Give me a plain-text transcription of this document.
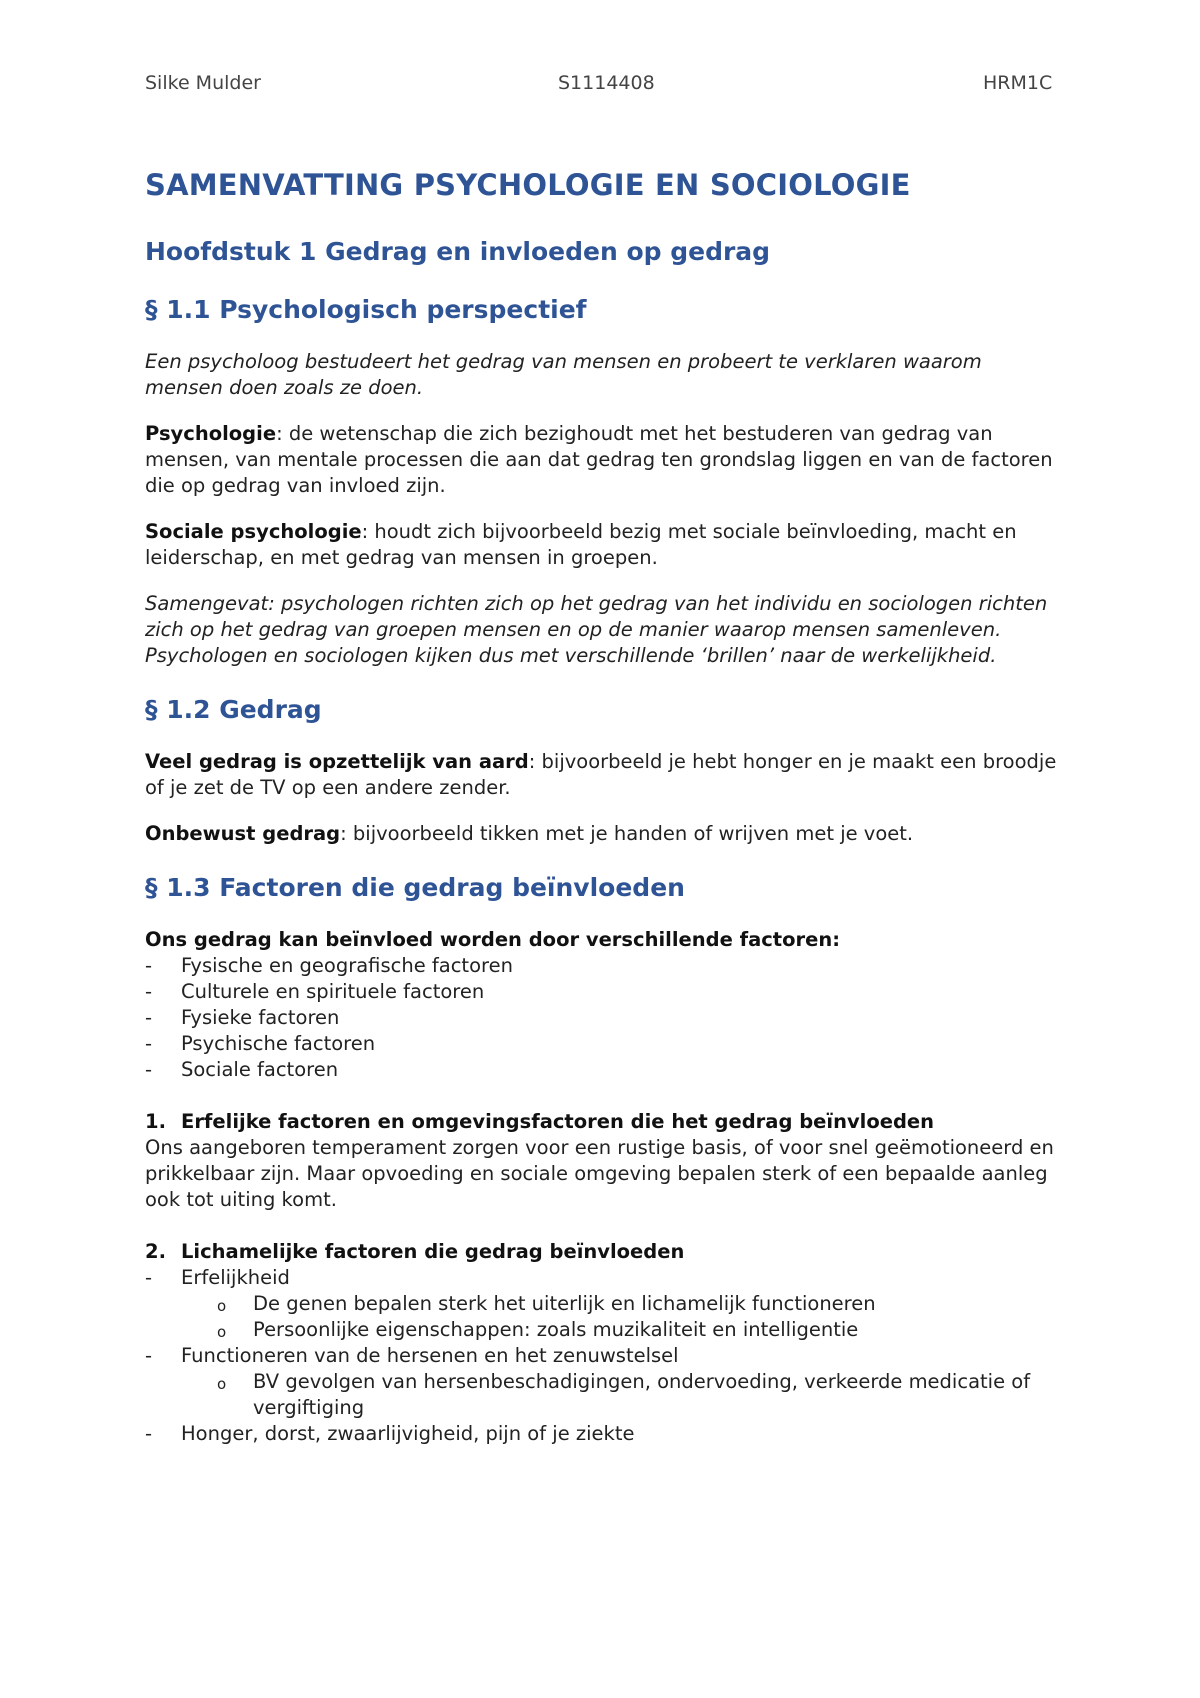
Silke Mulder	S1114408	HRM1C
SAMENVATTING PSYCHOLOGIE EN SOCIOLOGIE
Hoofdstuk 1 Gedrag en invloeden op gedrag
§ 1.1 Psychologisch perspectief

Een psycholoog bestudeert het gedrag van mensen en probeert te verklaren waarom mensen doen zoals ze doen.

Psychologie: de wetenschap die zich bezighoudt met het bestuderen van gedrag van mensen, van mentale processen die aan dat gedrag ten grondslag liggen en van de factoren die op gedrag van invloed zijn.

Sociale psychologie: houdt zich bijvoorbeeld bezig met sociale beïnvloeding, macht en leiderschap, en met gedrag van mensen in groepen.

Samengevat: psychologen richten zich op het gedrag van het individu en sociologen richten zich op het gedrag van groepen mensen en op de manier waarop mensen samenleven. Psychologen en sociologen kijken dus met verschillende ‘brillen’ naar de werkelijkheid.

§ 1.2 Gedrag

Veel gedrag is opzettelijk van aard: bijvoorbeeld je hebt honger en je maakt een broodje of je zet de TV op een andere zender.

Onbewust gedrag: bijvoorbeeld tikken met je handen of wrijven met je voet.

§ 1.3 Factoren die gedrag beïnvloeden

Ons gedrag kan beïnvloed worden door verschillende factoren:

- Fysische en geografische factoren
- Culturele en spirituele factoren
- Fysieke factoren
- Psychische factoren
- Sociale factoren
1. Erfelijke factoren en omgevingsfactoren die het gedrag beïnvloeden

Ons aangeboren temperament zorgen voor een rustige basis, of voor snel geëmotioneerd en prikkelbaar zijn. Maar opvoeding en sociale omgeving bepalen sterk of een bepaalde aanleg ook tot uiting komt.

2. Lichamelijke factoren die gedrag beïnvloeden
- Erfelijkheid
o De genen bepalen sterk het uiterlijk en lichamelijk functioneren
o Persoonlijke eigenschappen: zoals muzikaliteit en intelligentie
- Functioneren van de hersenen en het zenuwstelsel
o BV gevolgen van hersenbeschadigingen, ondervoeding, verkeerde medicatie of vergiftiging
- Honger, dorst, zwaarlijvigheid, pijn of je ziekte
